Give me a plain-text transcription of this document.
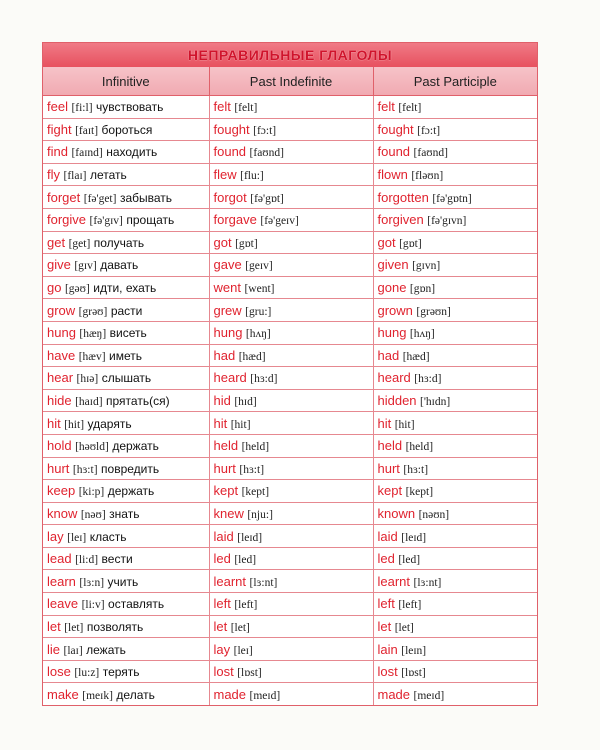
НЕПРАВИЛЬНЫЕ ГЛАГОЛЫ
Infinitive	Past Indefinite	Past Participle
feel [fi:l] чувствовать	felt [felt]	felt [felt]
fight [faɪt] бороться	fought [fɔ:t]	fought [fɔ:t]
find [faɪnd] находить	found [faʊnd]	found [faʊnd]
fly [flaɪ] летать	flew [flu:]	flown [fləʊn]
forget [fə'get] забывать	forgot [fə'gɒt]	forgotten [fə'gɒtn]
forgive [fə'gɪv] прощать	forgave [fə'geɪv]	forgiven [fə'gɪvn]
get [get] получать	got [gɒt]	got [gɒt]
give [gɪv] давать	gave [geɪv]	given [gɪvn]
go [gəʊ] идти, ехать	went [went]	gone [gɒn]
grow [grəʊ] расти	grew [gru:]	grown [grəʊn]
hung [hæŋ] висеть	hung [hʌŋ]	hung [hʌŋ]
have [hæv] иметь	had [hæd]	had [hæd]
hear [hɪə] слышать	heard [hɜ:d]	heard [hɜ:d]
hide [haɪd] прятать(ся)	hid [hɪd]	hidden ['hɪdn]
hit [hit] ударять	hit [hit]	hit [hit]
hold [həʊld] держать	held [held]	held [held]
hurt [hɜ:t] повредить	hurt [hɜ:t]	hurt [hɜ:t]
keep [ki:p] держать	kept [kept]	kept [kept]
know [nəʊ] знать	knew [nju:]	known [nəʊn]
lay [leɪ] класть	laid [leɪd]	laid [leɪd]
lead [li:d] вести	led [led]	led [led]
learn [lɜ:n] учить	learnt [lɜ:nt]	learnt [lɜ:nt]
leave [li:v] оставлять	left [left]	left [left]
let [let] позволять	let [let]	let [let]
lie [laɪ] лежать	lay [leɪ]	lain [leɪn]
lose [lu:z] терять	lost [lɒst]	lost [lɒst]
make [meɪk] делать	made [meɪd]	made [meɪd]
